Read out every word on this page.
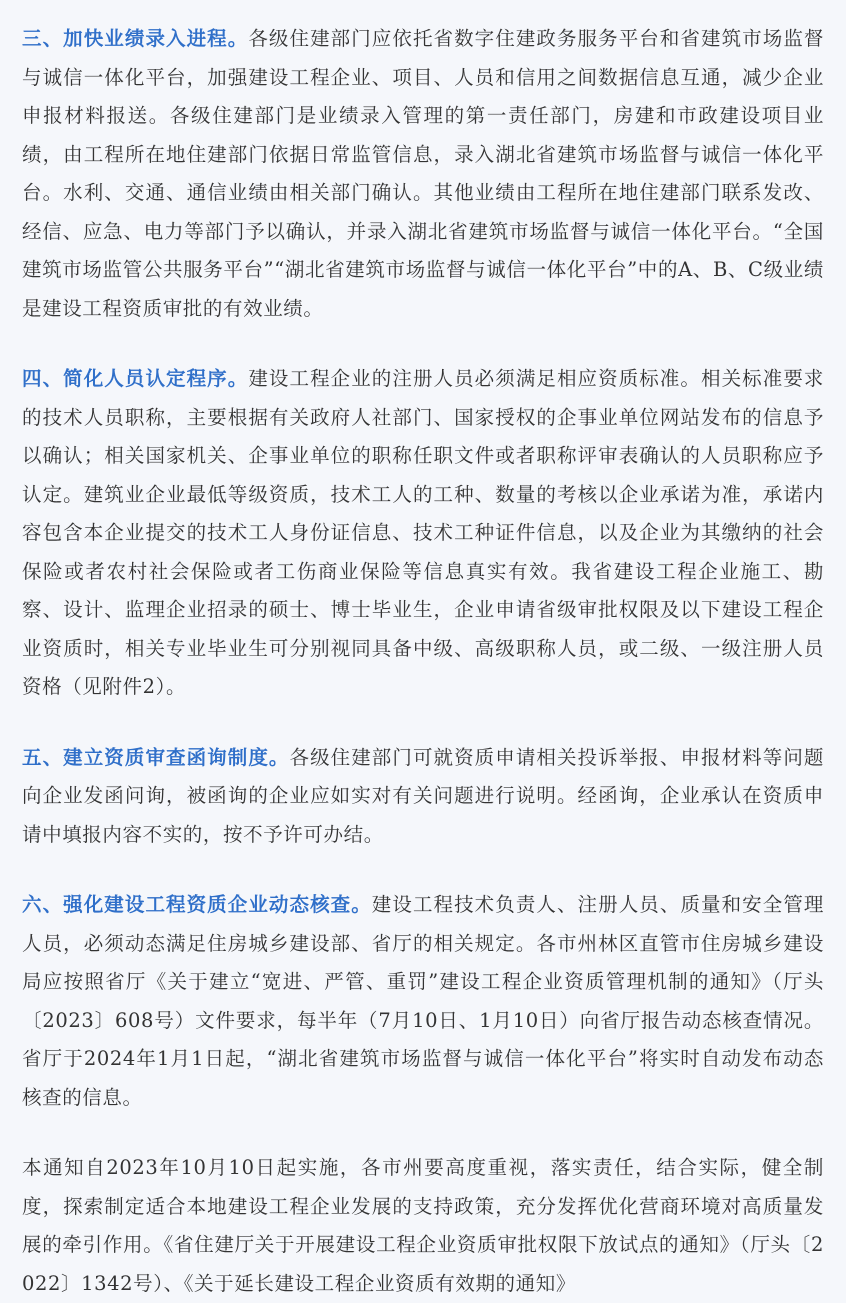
三、加快业绩录入进程。各级住建部门应依托省数字住建政务服务平台和省建筑市场监督与诚信一体化平台，加强建设工程企业、项目、人员和信用之间数据信息互通，减少企业申报材料报送。各级住建部门是业绩录入管理的第一责任部门，房建和市政建设项目业绩，由工程所在地住建部门依据日常监管信息，录入湖北省建筑市场监督与诚信一体化平台。水利、交通、通信业绩由相关部门确认。其他业绩由工程所在地住建部门联系发改、经信、应急、电力等部门予以确认，并录入湖北省建筑市场监督与诚信一体化平台。“全国建筑市场监管公共服务平台”“湖北省建筑市场监督与诚信一体化平台”中的A、B、C级业绩是建设工程资质审批的有效业绩。

四、简化人员认定程序。建设工程企业的注册人员必须满足相应资质标准。相关标准要求的技术人员职称，主要根据有关政府人社部门、国家授权的企事业单位网站发布的信息予以确认；相关国家机关、企事业单位的职称任职文件或者职称评审表确认的人员职称应予认定。建筑业企业最低等级资质，技术工人的工种、数量的考核以企业承诺为准，承诺内容包含本企业提交的技术工人身份证信息、技术工种证件信息，以及企业为其缴纳的社会保险或者农村社会保险或者工伤商业保险等信息真实有效。我省建设工程企业施工、勘察、设计、监理企业招录的硕士、博士毕业生，企业申请省级审批权限及以下建设工程企业资质时，相关专业毕业生可分别视同具备中级、高级职称人员，或二级、一级注册人员资格（见附件2）。

五、建立资质审查函询制度。各级住建部门可就资质申请相关投诉举报、申报材料等问题向企业发函问询，被函询的企业应如实对有关问题进行说明。经函询，企业承认在资质申请中填报内容不实的，按不予许可办结。

六、强化建设工程资质企业动态核查。建设工程技术负责人、注册人员、质量和安全管理人员，必须动态满足住房城乡建设部、省厅的相关规定。各市州林区直管市住房城乡建设局应按照省厅《关于建立“宽进、严管、重罚”建设工程企业资质管理机制的通知》（厅头〔2023〕608号）文件要求，每半年（7月10日、1月10日）向省厅报告动态核查情况。省厅于2024年1月1日起，“湖北省建筑市场监督与诚信一体化平台”将实时自动发布动态核查的信息。

本通知自2023年10月10日起实施，各市州要高度重视，落实责任，结合实际，健全制度，探索制定适合本地建设工程企业发展的支持政策，充分发挥优化营商环境对高质量发展的牵引作用。《省住建厅关于开展建设工程企业资质审批权限下放试点的通知》（厅头〔2022〕1342号）、《关于延长建设工程企业资质有效期的通知》
